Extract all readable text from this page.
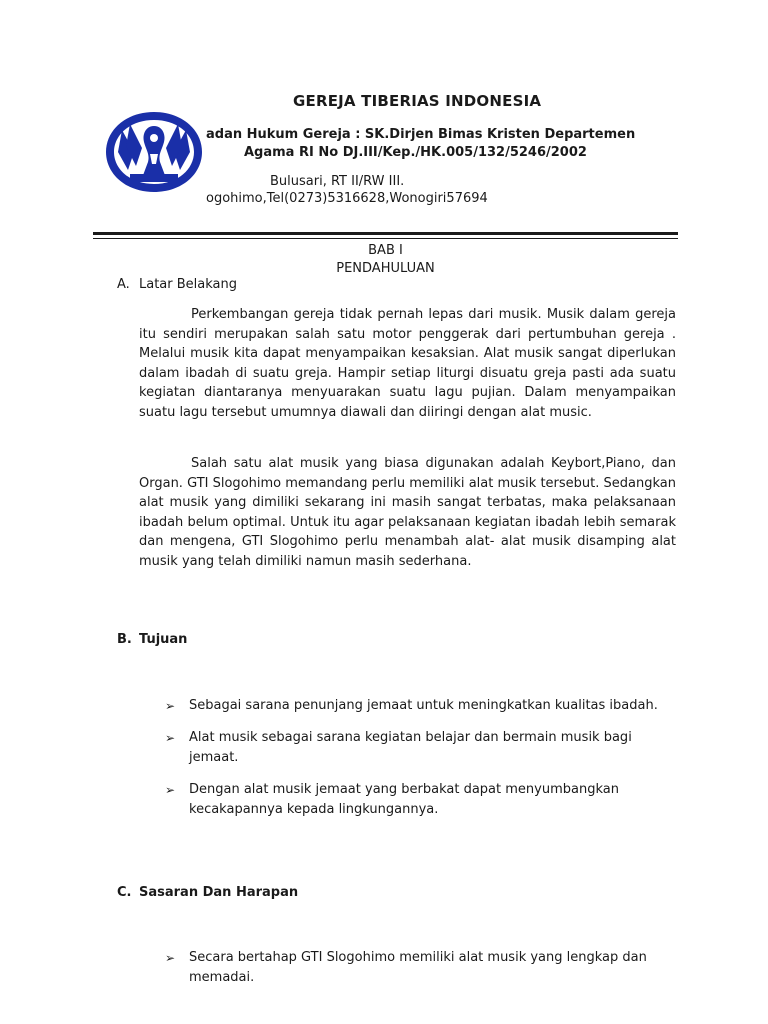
GEREJA TIBERIAS INDONESIA
adan Hukum Gereja : SK.Dirjen Bimas Kristen Departemen
Agama RI No DJ.III/Kep./HK.005/132/5246/2002
Bulusari, RT II/RW III.
ogohimo,Tel(0273)5316628,Wonogiri57694
BAB I
PENDAHULUAN
A. Latar Belakang

Perkembangan gereja tidak pernah lepas dari musik. Musik dalam gereja itu sendiri merupakan salah satu motor penggerak dari pertumbuhan gereja . Melalui musik kita dapat menyampaikan kesaksian. Alat musik sangat diperlukan dalam ibadah di suatu greja. Hampir setiap liturgi disuatu greja pasti ada suatu kegiatan diantaranya menyuarakan suatu lagu pujian. Dalam menyampaikan suatu lagu tersebut umumnya diawali dan diiringi dengan alat music.

Salah satu alat musik yang biasa digunakan adalah Keybort,Piano, dan Organ. GTI Slogohimo memandang perlu memiliki alat musik tersebut. Sedangkan alat musik yang dimiliki sekarang ini masih sangat terbatas, maka pelaksanaan ibadah belum optimal. Untuk itu agar pelaksanaan kegiatan ibadah lebih semarak dan mengena, GTI Slogohimo perlu menambah alat- alat musik disamping alat musik yang telah dimiliki namun masih sederhana.

B. Tujuan
➢ Sebagai sarana penunjang jemaat untuk meningkatkan kualitas ibadah.
➢ Alat musik sebagai sarana kegiatan belajar dan bermain musik bagi jemaat.
➢ Dengan alat musik jemaat yang berbakat dapat menyumbangkan kecakapannya kepada lingkungannya.
C. Sasaran Dan Harapan
➢ Secara bertahap GTI Slogohimo memiliki alat musik yang lengkap dan memadai.
